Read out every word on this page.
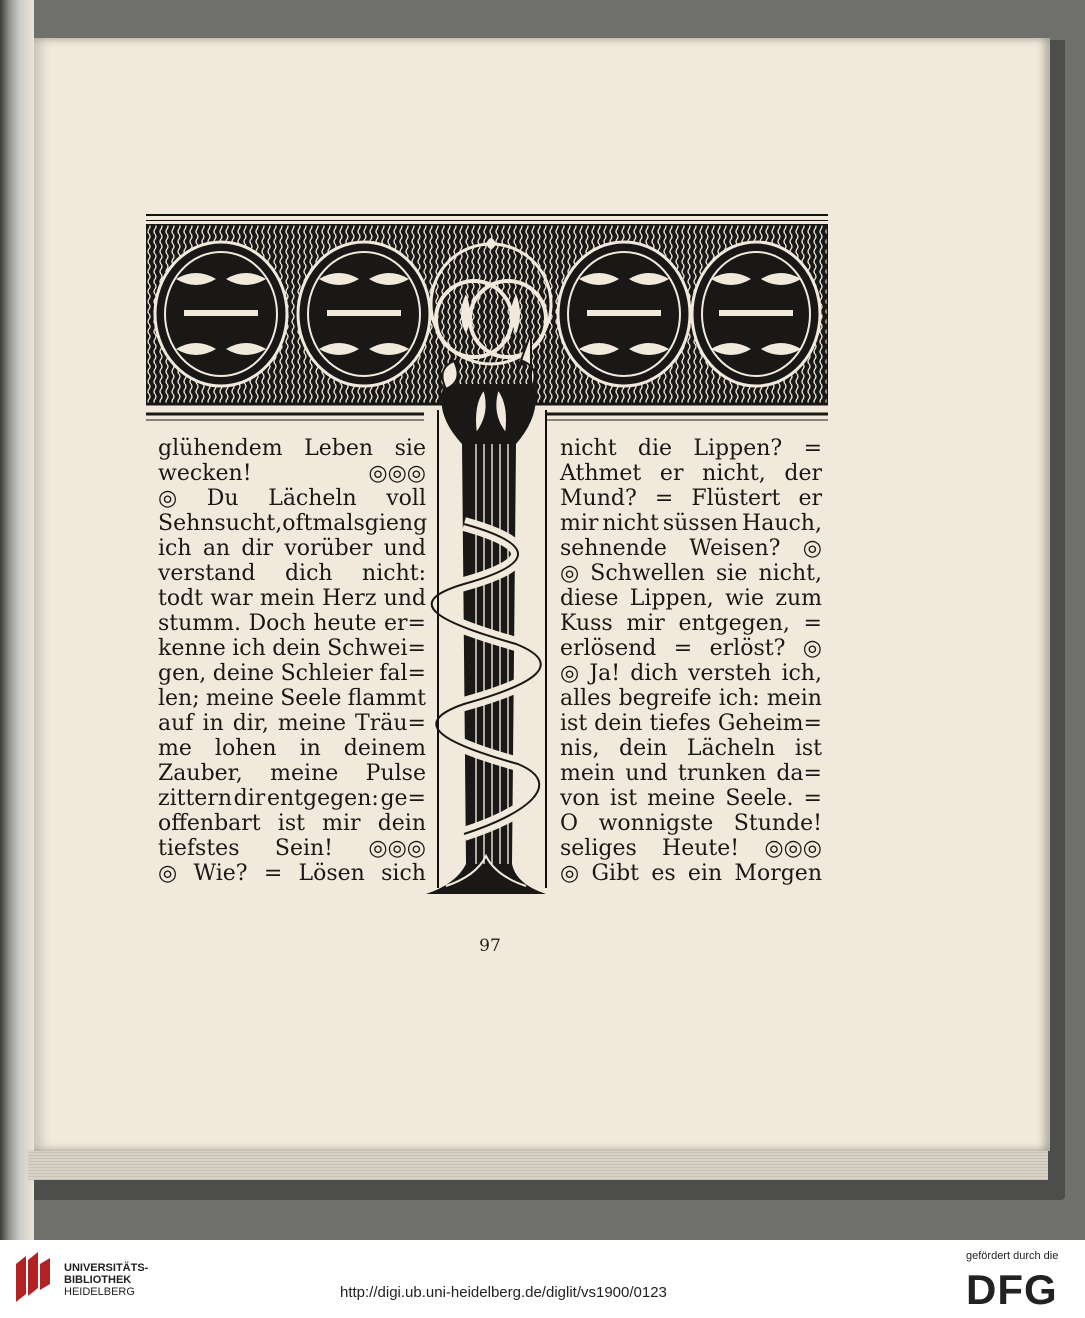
glühendem Leben sie
wecken!	◎◎◎
◎ Du Lächeln voll
Sehnsucht, oftmals gieng
ich an dir vorüber und
verstand dich nicht:
todt war mein Herz und
stumm. Doch heute er=
kenne ich dein Schwei=
gen, deine Schleier fal=
len; meine Seele flammt
auf in dir, meine Träu=
me lohen in deinem
Zauber, meine Pulse
zittern dir entgegen: ge=
offenbart ist mir dein
tiefstes Sein! ◎◎◎
◎ Wie? = Lösen sich
nicht die Lippen? =
Athmet er nicht, der
Mund? = Flüstert er
mir nicht süssen Hauch,
sehnende Weisen? ◎
◎ Schwellen sie nicht,
diese Lippen, wie zum
Kuss mir entgegen, =
erlösend = erlöst? ◎
◎ Ja! dich versteh ich,
alles begreife ich: mein
ist dein tiefes Geheim=
nis, dein Lächeln ist
mein und trunken da=
von ist meine Seele. =
O wonnigste Stunde!
seliges Heute! ◎◎◎
◎ Gibt es ein Morgen
97
UNIVERSITÄTS-
BIBLIOTHEK
HEIDELBERG	http://digi.ub.uni-heidelberg.de/diglit/vs1900/0123
gefördert durch die
DFG
